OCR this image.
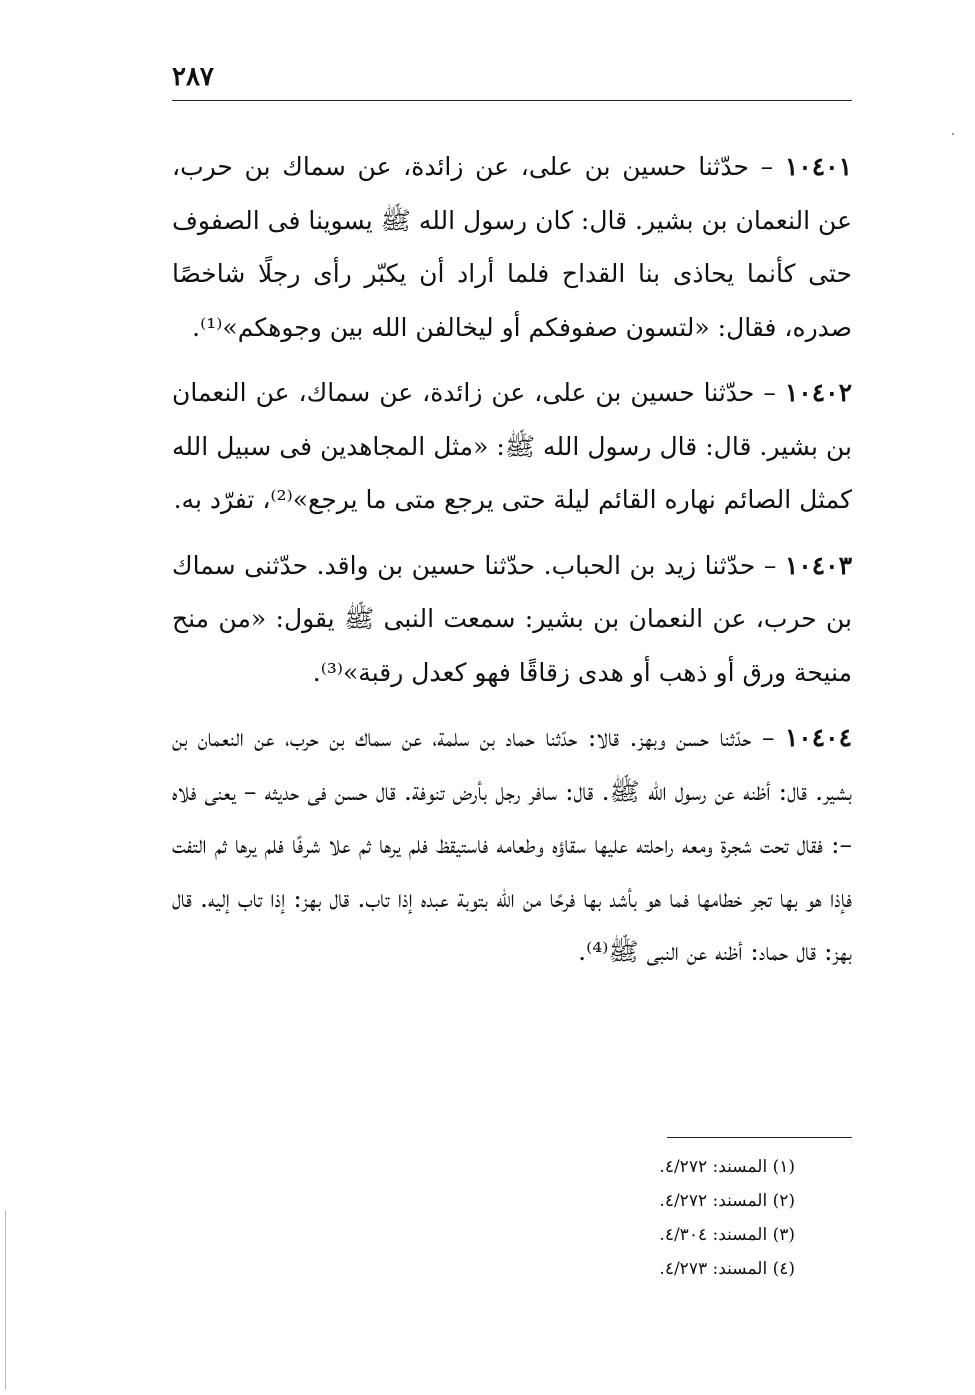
٢٨٧

١٠٤٠١ – حدّثنا حسين بن على، عن زائدة، عن سماك بن حرب، عن النعمان بن بشير. قال: كان رسول الله ﷺ يسوينا فى الصفوف حتى كأنما يحاذى بنا القداح فلما أراد أن يكبّر رأى رجلًا شاخصًا صدره، فقال: «لتسون صفوفكم أو ليخالفن الله بين وجوهكم»⁽¹⁾.

١٠٤٠٢ – حدّثنا حسين بن على، عن زائدة، عن سماك، عن النعمان بن بشير. قال: قال رسول الله ﷺ: «مثل المجاهدين فى سبيل الله كمثل الصائم نهاره القائم ليلة حتى يرجع متى ما يرجع»⁽²⁾، تفرّد به.

١٠٤٠٣ – حدّثنا زيد بن الحباب. حدّثنا حسين بن واقد. حدّثنى سماك بن حرب، عن النعمان بن بشير: سمعت النبى ﷺ يقول: «من منح منيحة ورق أو ذهب أو هدى زقاقًا فهو كعدل رقبة»⁽³⁾.

١٠٤٠٤ – حدّثنا حسن وبهز. قالا: حدّثنا حماد بن سلمة، عن سماك بن حرب، عن النعمان بن بشير. قال: أظنه عن رسول الله ﷺ. قال: سافر رجل بأرض تنوفة. قال حسن فى حديثه – يعنى فلاه –: فقال تحت شجرة ومعه راحلته عليها سقاؤه وطعامه فاستيقظ فلم يرها ثم علا شرفًا فلم يرها ثم التفت فإذا هو بها تجر خطامها فما هو بأشد بها فرحًا من الله بتوبة عبده إذا تاب. قال بهز: إذا تاب إليه. قال بهز: قال حماد: أظنه عن النبى ﷺ⁽⁴⁾.

(١) المسند: ٤/٢٧٢.
(٢) المسند: ٤/٢٧٢.
(٣) المسند: ٤/٣٠٤.
(٤) المسند: ٤/٢٧٣.
